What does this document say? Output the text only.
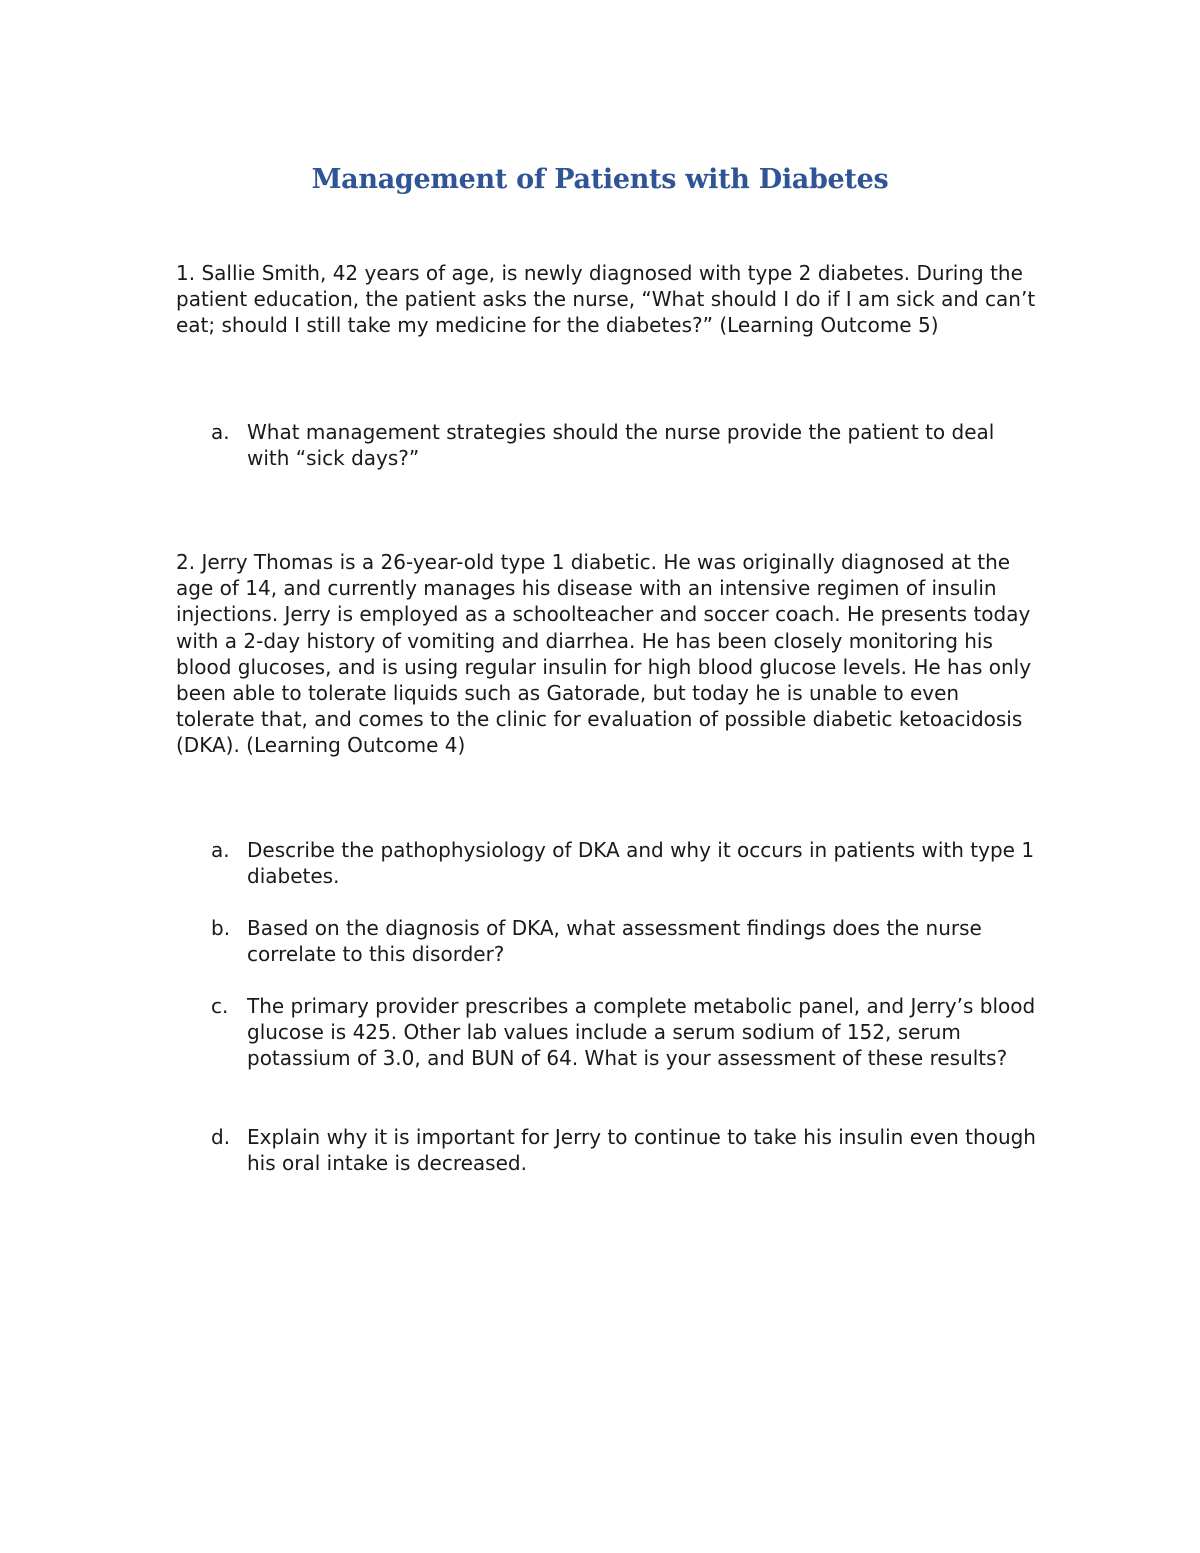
Management of Patients with Diabetes

1. Sallie Smith, 42 years of age, is newly diagnosed with type 2 diabetes. During the patient education, the patient asks the nurse, “What should I do if I am sick and can’t eat; should I still take my medicine for the diabetes?” (Learning Outcome 5)

a. What management strategies should the nurse provide the patient to deal with “sick days?”

2. Jerry Thomas is a 26-year-old type 1 diabetic. He was originally diagnosed at the age of 14, and currently manages his disease with an intensive regimen of insulin injections. Jerry is employed as a schoolteacher and soccer coach. He presents today with a 2-day history of vomiting and diarrhea. He has been closely monitoring his blood glucoses, and is using regular insulin for high blood glucose levels. He has only been able to tolerate liquids such as Gatorade, but today he is unable to even tolerate that, and comes to the clinic for evaluation of possible diabetic ketoacidosis (DKA). (Learning Outcome 4)

a. Describe the pathophysiology of DKA and why it occurs in patients with type 1 diabetes.
b. Based on the diagnosis of DKA, what assessment findings does the nurse correlate to this disorder?
c. The primary provider prescribes a complete metabolic panel, and Jerry’s blood glucose is 425. Other lab values include a serum sodium of 152, serum potassium of 3.0, and BUN of 64. What is your assessment of these results?
d. Explain why it is important for Jerry to continue to take his insulin even though his oral intake is decreased.
